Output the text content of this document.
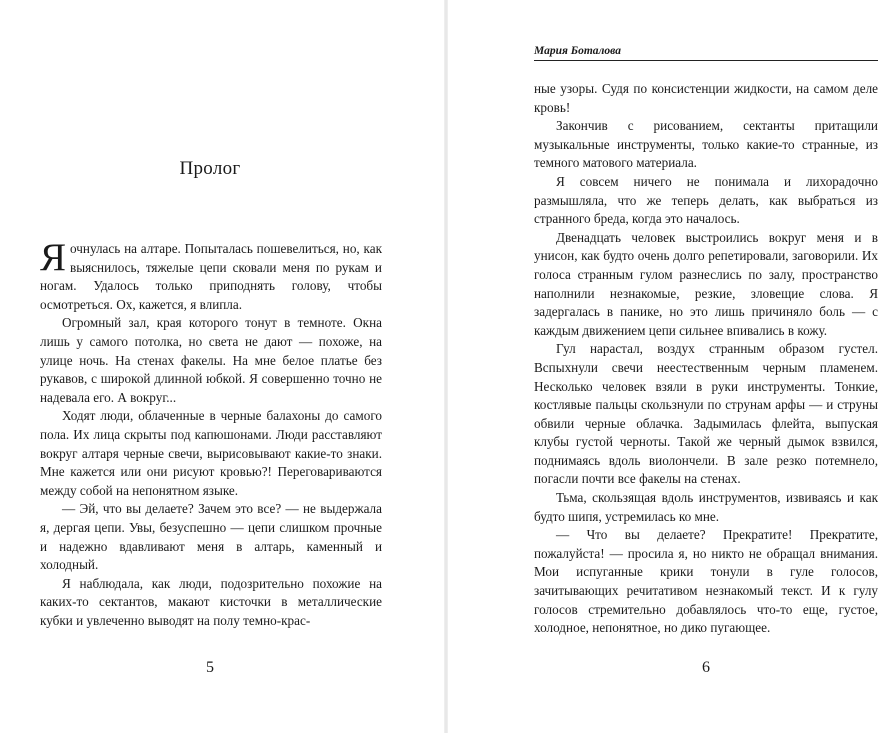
Пролог

Я очнулась на алтаре. Попыталась пошевелиться, но, как выяснилось, тяжелые цепи сковали меня по рукам и ногам. Удалось только приподнять голову, чтобы осмотреться. Ох, кажется, я влипла.

Огромный зал, края которого тонут в темноте. Окна лишь у самого потолка, но света не дают — похоже, на улице ночь. На стенах факелы. На мне белое платье без рукавов, с широкой длинной юбкой. Я совершенно точно не надевала его. А вокруг...

Ходят люди, облаченные в черные балахоны до самого пола. Их лица скрыты под капюшонами. Люди расставляют вокруг алтаря черные свечи, вырисовывают какие-то знаки. Мне кажется или они рисуют кровью?! Переговариваются между собой на непонятном языке.

— Эй, что вы делаете? Зачем это все? — не выдержала я, дергая цепи. Увы, безуспешно — цепи слишком прочные и надежно вдавливают меня в алтарь, каменный и холодный.

Я наблюдала, как люди, подозрительно похожие на каких-то сектантов, макают кисточки в металлические кубки и увлеченно выводят на полу темно-крас-

5
Мария Боталова

ные узоры. Судя по консистенции жидкости, на самом деле кровь!

Закончив с рисованием, сектанты притащили музыкальные инструменты, только какие-то странные, из темного матового материала.

Я совсем ничего не понимала и лихорадочно размышляла, что же теперь делать, как выбраться из странного бреда, когда это началось.

Двенадцать человек выстроились вокруг меня и в унисон, как будто очень долго репетировали, заговорили. Их голоса странным гулом разнеслись по залу, пространство наполнили незнакомые, резкие, зловещие слова. Я задергалась в панике, но это лишь причиняло боль — с каждым движением цепи сильнее впивались в кожу.

Гул нарастал, воздух странным образом густел. Вспыхнули свечи неестественным черным пламенем. Несколько человек взяли в руки инструменты. Тонкие, костлявые пальцы скользнули по струнам арфы — и струны обвили черные облачка. Задымилась флейта, выпуская клубы густой черноты. Такой же черный дымок взвился, поднимаясь вдоль виолончели. В зале резко потемнело, погасли почти все факелы на стенах.

Тьма, скользящая вдоль инструментов, извиваясь и как будто шипя, устремилась ко мне.

— Что вы делаете? Прекратите! Прекратите, пожалуйста! — просила я, но никто не обращал внимания. Мои испуганные крики тонули в гуле голосов, зачитывающих речитативом незнакомый текст. И к гулу голосов стремительно добавлялось что-то еще, густое, холодное, непонятное, но дико пугающее.

6
